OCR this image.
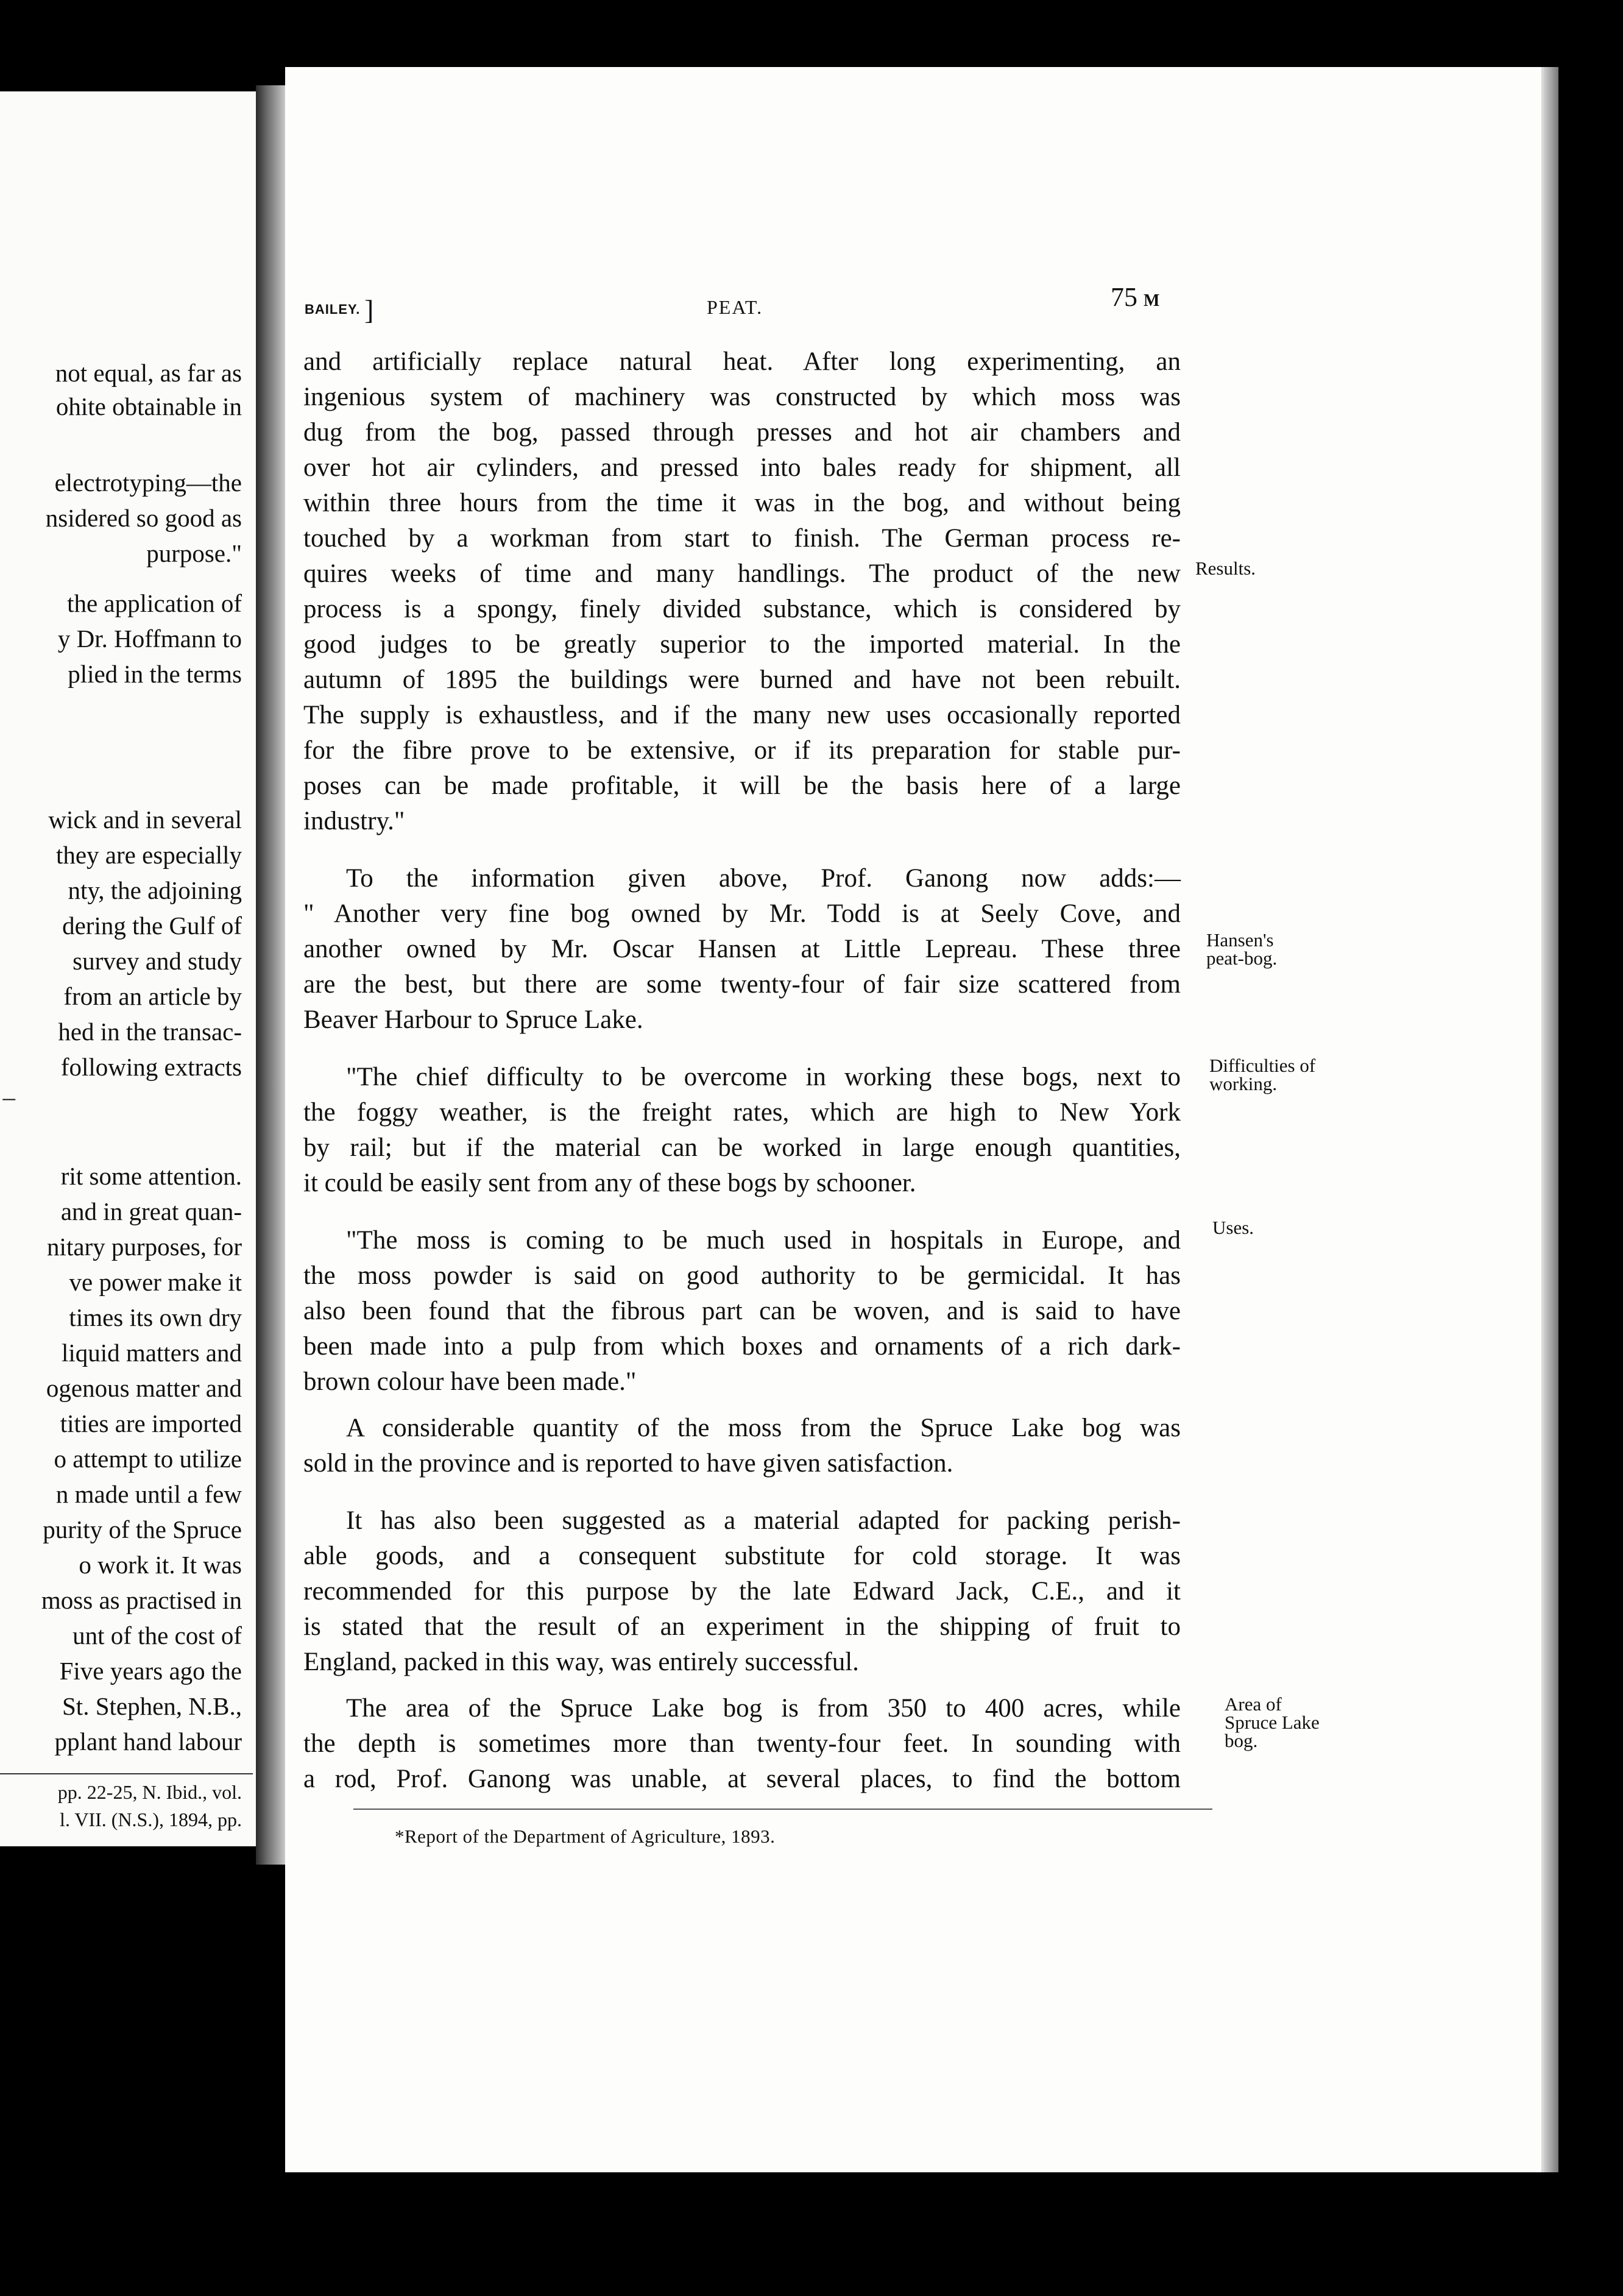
not equal, as far as
ohite obtainable in
electrotyping—the
nsidered so good as
purpose."
the application of
y Dr. Hoffmann to
plied in the terms
wick and in several
they are especially
nty, the adjoining
dering the Gulf of
survey and study
from an article by
hed in the transac-
following extracts
–
rit some attention.
and in great quan-
nitary purposes, for
ve power make it
times its own dry
liquid matters and
ogenous matter and
tities are imported
o attempt to utilize
n made until a few
purity of the Spruce
o work it. It was
moss as practised in
unt of the cost of
Five years ago the
St. Stephen, N.B.,
pplant hand labour
pp. 22-25, N. Ibid., vol.
l. VII. (N.S.), 1894, pp.
BAILEY. ]	PEAT.	75 M
and artificially replace natural heat. After long experimenting, an
ingenious system of machinery was constructed by which moss was
dug from the bog, passed through presses and hot air chambers and
over hot air cylinders, and pressed into bales ready for shipment, all
within three hours from the time it was in the bog, and without being
touched by a workman from start to finish. The German process re-
quires weeks of time and many handlings. The product of the new
process is a spongy, finely divided substance, which is considered by
good judges to be greatly superior to the imported material. In the
autumn of 1895 the buildings were burned and have not been rebuilt.
The supply is exhaustless, and if the many new uses occasionally reported
for the fibre prove to be extensive, or if its preparation for stable pur-
poses can be made profitable, it will be the basis here of a large
industry."
To the information given above, Prof. Ganong now adds:—
" Another very fine bog owned by Mr. Todd is at Seely Cove, and
another owned by Mr. Oscar Hansen at Little Lepreau. These three
are the best, but there are some twenty-four of fair size scattered from
Beaver Harbour to Spruce Lake.
"The chief difficulty to be overcome in working these bogs, next to
the foggy weather, is the freight rates, which are high to New York
by rail; but if the material can be worked in large enough quantities,
it could be easily sent from any of these bogs by schooner.
"The moss is coming to be much used in hospitals in Europe, and
the moss powder is said on good authority to be germicidal. It has
also been found that the fibrous part can be woven, and is said to have
been made into a pulp from which boxes and ornaments of a rich dark-
brown colour have been made."
A considerable quantity of the moss from the Spruce Lake bog was
sold in the province and is reported to have given satisfaction.
It has also been suggested as a material adapted for packing perish-
able goods, and a consequent substitute for cold storage. It was
recommended for this purpose by the late Edward Jack, C.E., and it
is stated that the result of an experiment in the shipping of fruit to
England, packed in this way, was entirely successful.
The area of the Spruce Lake bog is from 350 to 400 acres, while
the depth is sometimes more than twenty-four feet. In sounding with
a rod, Prof. Ganong was unable, at several places, to find the bottom
Results.
Hansen's
peat-bog.
Difficulties of
working.
Uses.
Area of
Spruce Lake
bog.
*Report of the Department of Agriculture, 1893.
